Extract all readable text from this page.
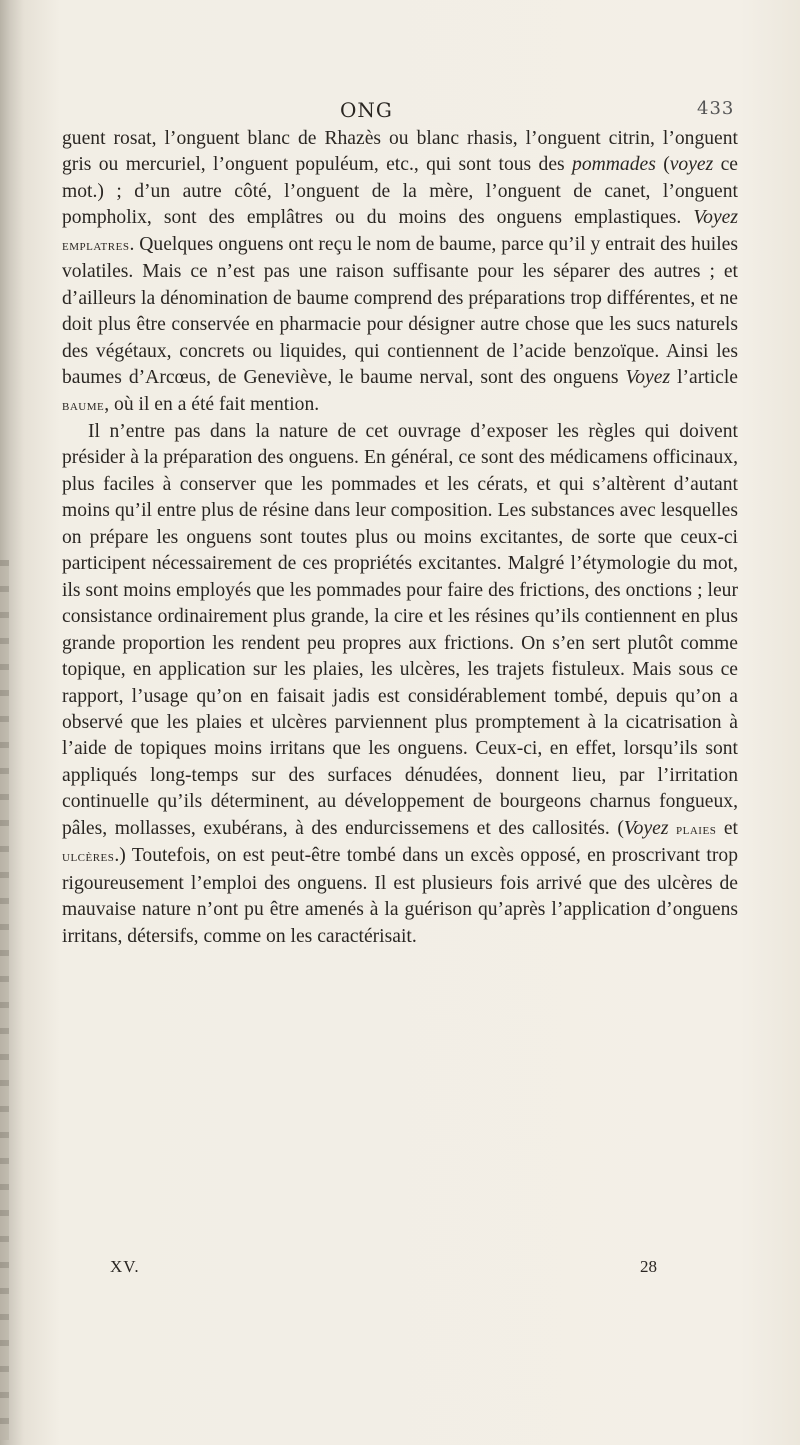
ONG	433

guent rosat, l’onguent blanc de Rhazès ou blanc rhasis, l’onguent citrin, l’onguent gris ou mercuriel, l’onguent populéum, etc., qui sont tous des pommades (voyez ce mot.) ; d’un autre côté, l’onguent de la mère, l’onguent de canet, l’onguent pompholix, sont des emplâtres ou du moins des onguens emplastiques. Voyez emplatres. Quelques onguens ont reçu le nom de baume, parce qu’il y entrait des huiles volatiles. Mais ce n’est pas une raison suffisante pour les séparer des autres ; et d’ailleurs la dénomination de baume comprend des préparations trop différentes, et ne doit plus être conservée en pharmacie pour désigner autre chose que les sucs naturels des végétaux, concrets ou liquides, qui contiennent de l’acide benzoïque. Ainsi les baumes d’Arcœus, de Geneviève, le baume nerval, sont des onguens Voyez l’article baume, où il en a été fait mention.

Il n’entre pas dans la nature de cet ouvrage d’exposer les règles qui doivent présider à la préparation des onguens. En général, ce sont des médicamens officinaux, plus faciles à conserver que les pommades et les cérats, et qui s’altèrent d’autant moins qu’il entre plus de résine dans leur composition. Les substances avec lesquelles on prépare les onguens sont toutes plus ou moins excitantes, de sorte que ceux-ci participent nécessairement de ces propriétés excitantes. Malgré l’étymologie du mot, ils sont moins employés que les pommades pour faire des frictions, des onctions ; leur consistance ordinairement plus grande, la cire et les résines qu’ils contiennent en plus grande proportion les rendent peu propres aux frictions. On s’en sert plutôt comme topique, en application sur les plaies, les ulcères, les trajets fistuleux. Mais sous ce rapport, l’usage qu’on en faisait jadis est considérablement tombé, depuis qu’on a observé que les plaies et ulcères parviennent plus promptement à la cicatrisation à l’aide de topiques moins irritans que les onguens. Ceux-ci, en effet, lorsqu’ils sont appliqués long-temps sur des surfaces dénudées, donnent lieu, par l’irritation continuelle qu’ils déterminent, au développement de bourgeons charnus fongueux, pâles, mollasses, exubérans, à des endurcissemens et des callosités. (Voyez plaies et ulcères.) Toutefois, on est peut-être tombé dans un excès opposé, en proscrivant trop rigoureusement l’emploi des onguens. Il est plusieurs fois arrivé que des ulcères de mauvaise nature n’ont pu être amenés à la guérison qu’après l’application d’onguens irritans, détersifs, comme on les caractérisait.

XV.	28
